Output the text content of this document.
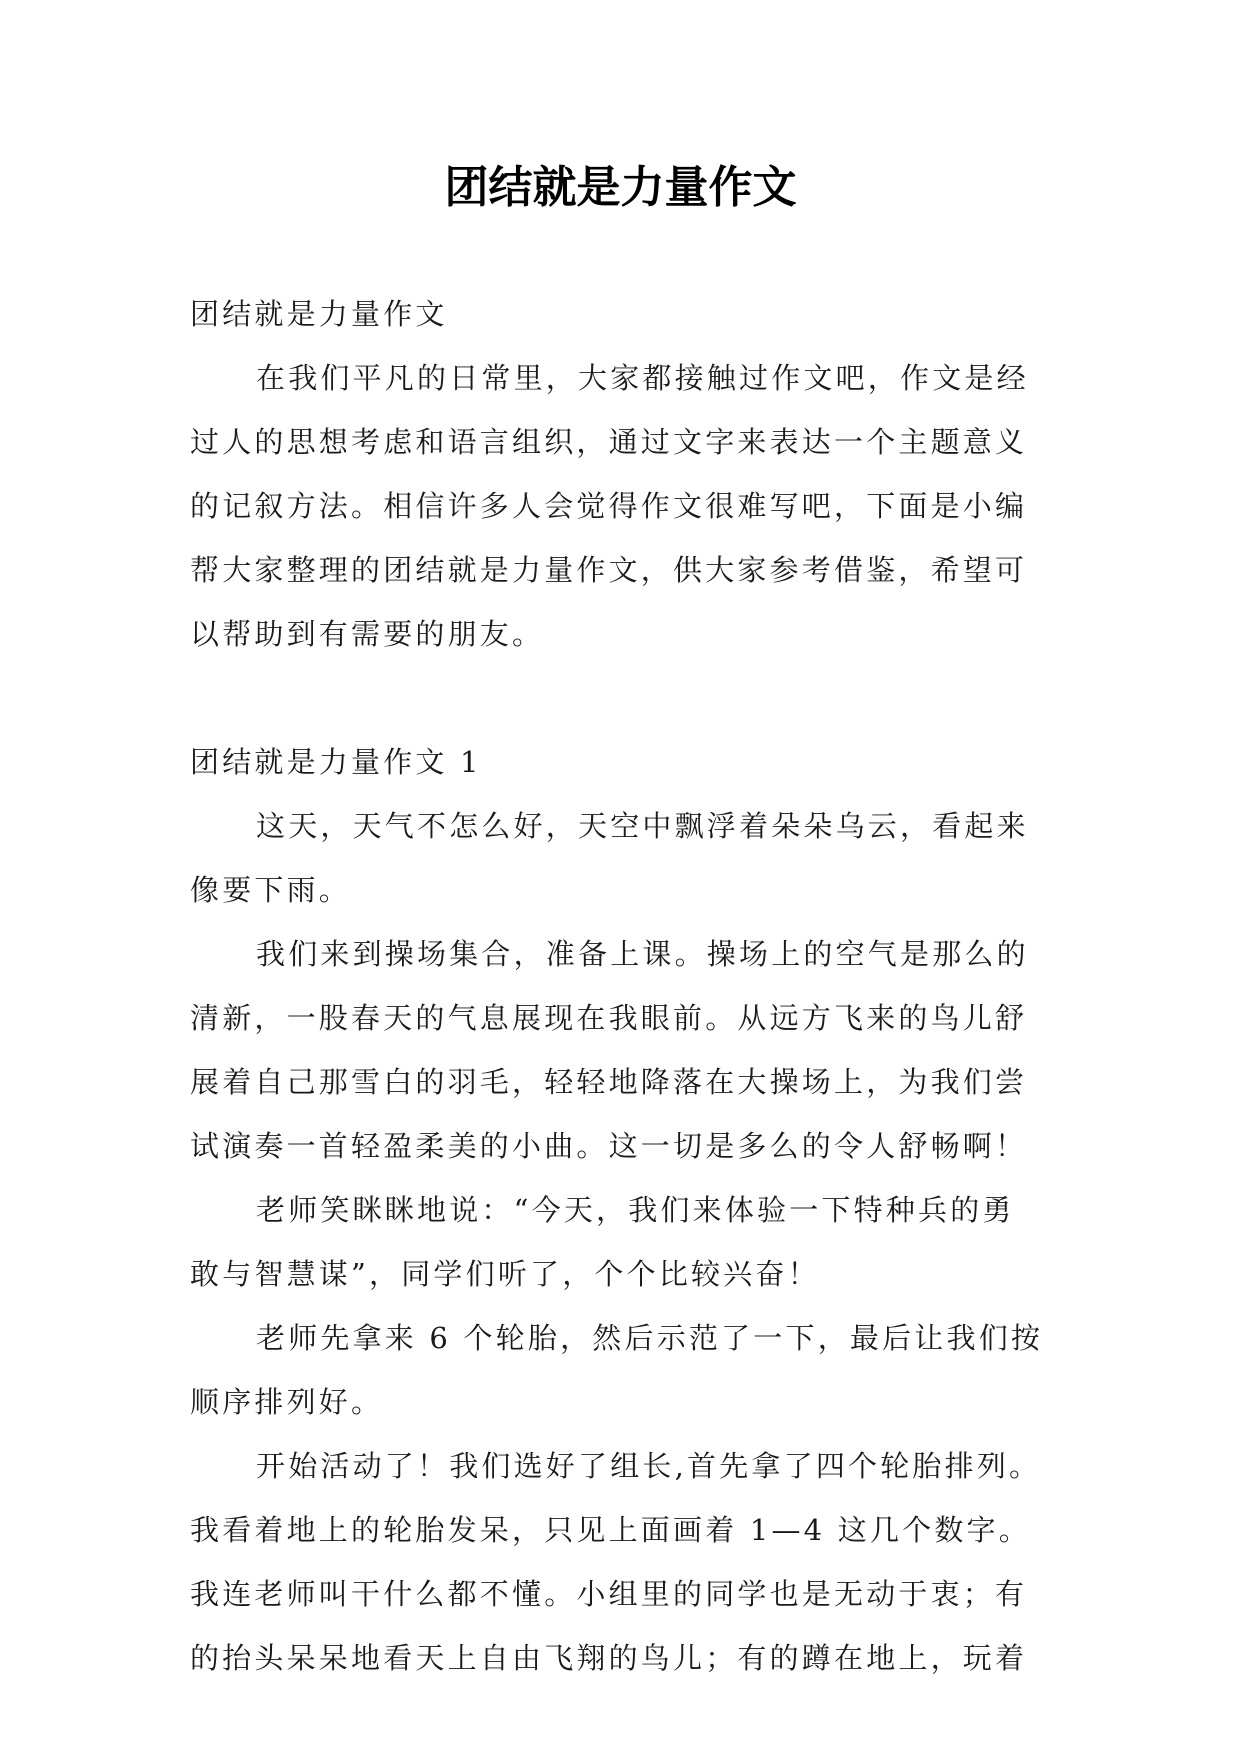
团结就是力量作文

团结就是力量作文

在我们平凡的日常里，大家都接触过作文吧，作文是经

过人的思想考虑和语言组织，通过文字来表达一个主题意义

的记叙方法。相信许多人会觉得作文很难写吧，下面是小编

帮大家整理的团结就是力量作文，供大家参考借鉴，希望可

以帮助到有需要的朋友。

团结就是力量作文 1

这天，天气不怎么好，天空中飘浮着朵朵乌云，看起来

像要下雨。

我们来到操场集合，准备上课。操场上的空气是那么的

清新，一股春天的气息展现在我眼前。从远方飞来的鸟儿舒

展着自己那雪白的羽毛，轻轻地降落在大操场上，为我们尝

试演奏一首轻盈柔美的小曲。这一切是多么的令人舒畅啊！

老师笑眯眯地说：“今天，我们来体验一下特种兵的勇

敢与智慧谋”，同学们听了，个个比较兴奋！

老师先拿来 6 个轮胎，然后示范了一下，最后让我们按

顺序排列好。

开始活动了！我们选好了组长,首先拿了四个轮胎排列。

我看着地上的轮胎发呆，只见上面画着 1—4 这几个数字。

我连老师叫干什么都不懂。小组里的同学也是无动于衷；有

的抬头呆呆地看天上自由飞翔的鸟儿；有的蹲在地上，玩着
